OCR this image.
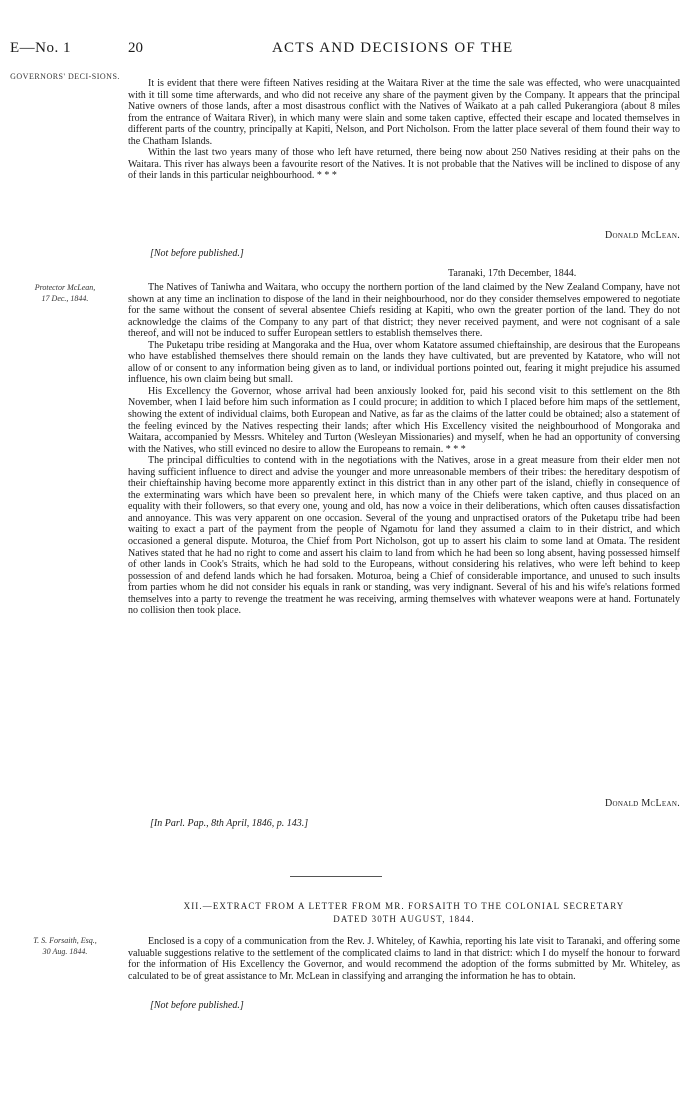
E—No. 1	20	ACTS AND DECISIONS OF THE
GOVERNORS' DECI-SIONS.
Protector McLean,
17 Dec., 1844.
T. S. Forsaith, Esq.,
30 Aug. 1844.

It is evident that there were fifteen Natives residing at the Waitara River at the time the sale was effected, who were unacquainted with it till some time afterwards, and who did not receive any share of the payment given by the Company. It appears that the principal Native owners of those lands, after a most disastrous conflict with the Natives of Waikato at a pah called Pukerangiora (about 8 miles from the entrance of Waitara River), in which many were slain and some taken captive, effected their escape and located themselves in different parts of the country, principally at Kapiti, Nelson, and Port Nicholson. From the latter place several of them found their way to the Chatham Islands.

Within the last two years many of those who left have returned, there being now about 250 Natives residing at their pahs on the Waitara. This river has always been a favourite resort of the Natives. It is not probable that the Natives will be inclined to dispose of any of their lands in this particular neighbourhood. * * *

Donald McLean.
[Not before published.]
Taranaki, 17th December, 1844.

The Natives of Taniwha and Waitara, who occupy the northern portion of the land claimed by the New Zealand Company, have not shown at any time an inclination to dispose of the land in their neighbourhood, nor do they consider themselves empowered to negotiate for the same without the consent of several absentee Chiefs residing at Kapiti, who own the greater portion of the land. They do not acknowledge the claims of the Company to any part of that district; they never received payment, and were not cognisant of a sale thereof, and will not be induced to suffer European settlers to establish themselves there.

The Puketapu tribe residing at Mangoraka and the Hua, over whom Katatore assumed chieftainship, are desirous that the Europeans who have established themselves there should remain on the lands they have cultivated, but are prevented by Katatore, who will not allow of or consent to any information being given as to land, or individual portions pointed out, fearing it might prejudice his assumed influence, his own claim being but small.

His Excellency the Governor, whose arrival had been anxiously looked for, paid his second visit to this settlement on the 8th November, when I laid before him such information as I could procure; in addition to which I placed before him maps of the settlement, showing the extent of individual claims, both European and Native, as far as the claims of the latter could be obtained; also a statement of the feeling evinced by the Natives respecting their lands; after which His Excellency visited the neighbourhood of Mongoraka and Waitara, accompanied by Messrs. Whiteley and Turton (Wesleyan Missionaries) and myself, when he had an opportunity of conversing with the Natives, who still evinced no desire to allow the Europeans to remain. * * *

The principal difficulties to contend with in the negotiations with the Natives, arose in a great measure from their elder men not having sufficient influence to direct and advise the younger and more unreasonable members of their tribes: the hereditary despotism of their chieftainship having become more apparently extinct in this district than in any other part of the island, chiefly in consequence of the exterminating wars which have been so prevalent here, in which many of the Chiefs were taken captive, and thus placed on an equality with their followers, so that every one, young and old, has now a voice in their deliberations, which often causes dissatisfaction and annoyance. This was very apparent on one occasion. Several of the young and unpractised orators of the Puketapu tribe had been waiting to exact a part of the payment from the people of Ngamotu for land they assumed a claim to in their district, and which occasioned a general dispute. Moturoa, the Chief from Port Nicholson, got up to assert his claim to some land at Omata. The resident Natives stated that he had no right to come and assert his claim to land from which he had been so long absent, having possessed himself of other lands in Cook's Straits, which he had sold to the Europeans, without considering his relatives, who were left behind to keep possession of and defend lands which he had forsaken. Moturoa, being a Chief of considerable importance, and unused to such insults from parties whom he did not consider his equals in rank or standing, was very indignant. Several of his and his wife's relations formed themselves into a party to revenge the treatment he was receiving, arming themselves with whatever weapons were at hand. Fortunately no collision then took place.

Donald McLean.
[In Parl. Pap., 8th April, 1846, p. 143.]
XII.—EXTRACT FROM A LETTER FROM MR. FORSAITH TO THE COLONIAL SECRETARY
DATED 30TH AUGUST, 1844.

Enclosed is a copy of a communication from the Rev. J. Whiteley, of Kawhia, reporting his late visit to Taranaki, and offering some valuable suggestions relative to the settlement of the complicated claims to land in that district: which I do myself the honour to forward for the information of His Excellency the Governor, and would recommend the adoption of the forms submitted by Mr. Whiteley, as calculated to be of great assistance to Mr. McLean in classifying and arranging the information he has to obtain.

[Not before published.]
